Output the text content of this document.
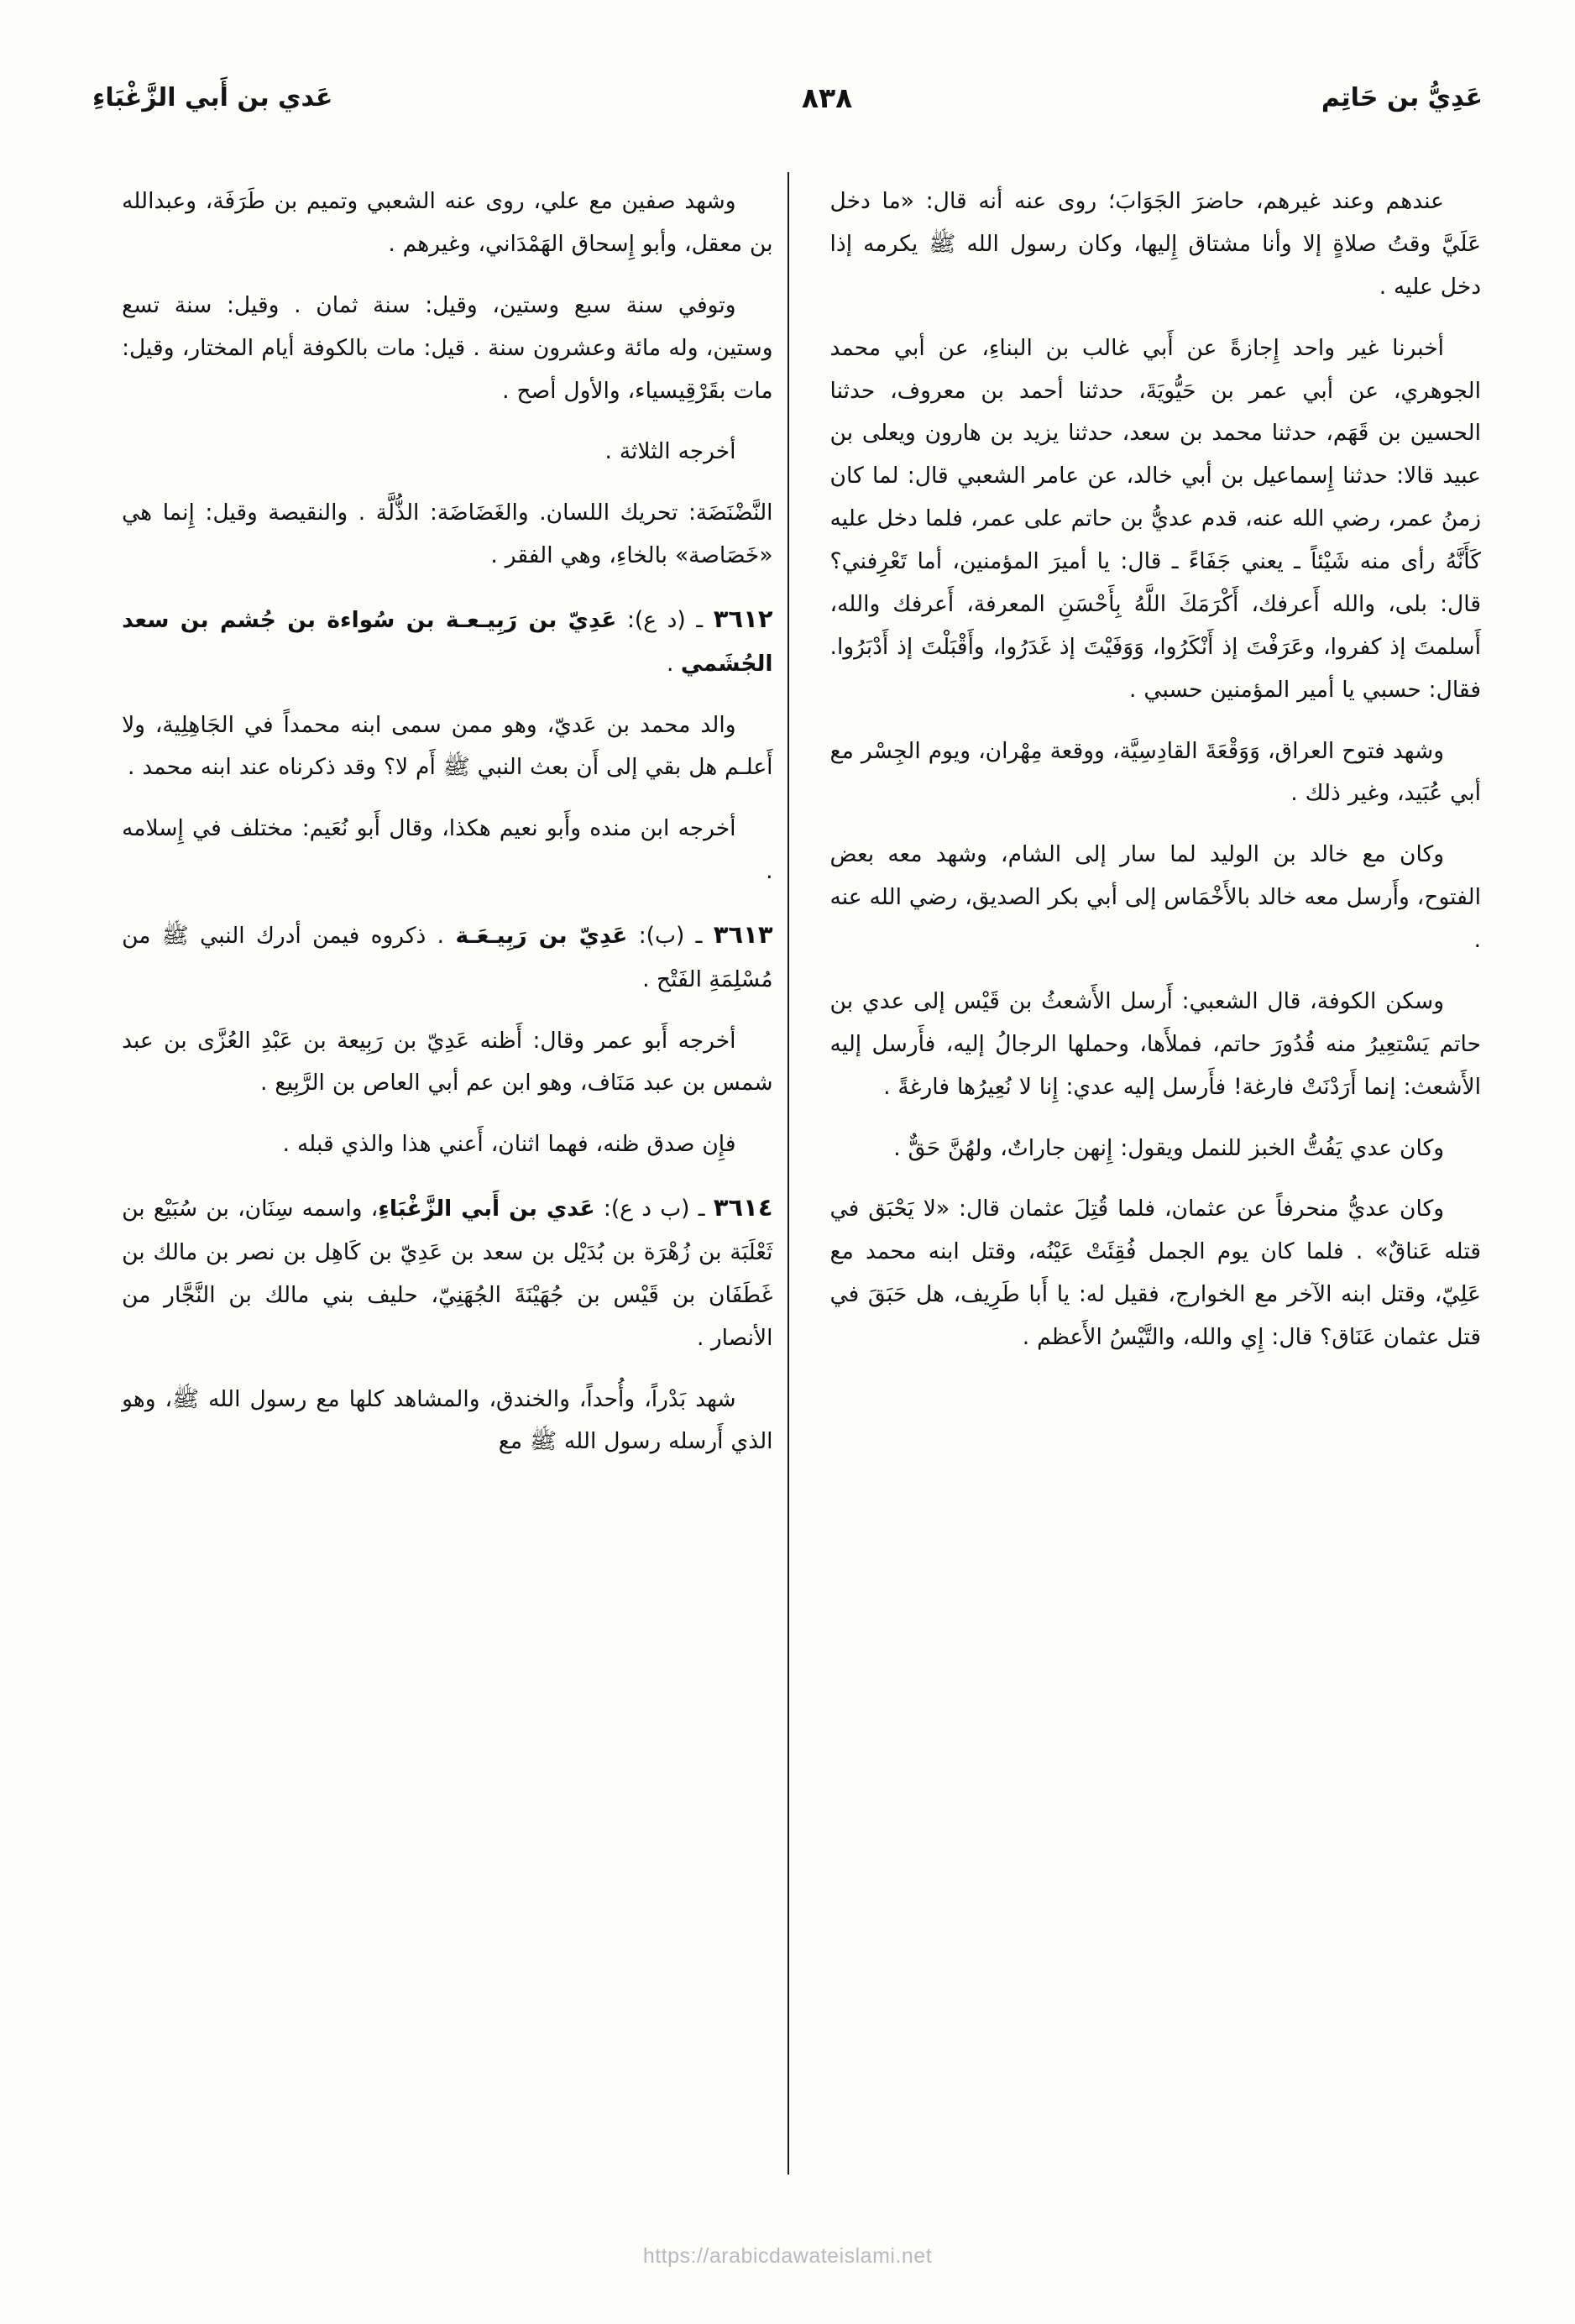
عَدِيُّ بن حَاتِم
٨٣٨
عَدي بن أَبي الزَّغْبَاءِ

عندهم وعند غيرهم، حاضرَ الجَوَابَ؛ روى عنه أنه قال: «ما دخل عَلَيَّ وقتُ صلاةٍ إلا وأنا مشتاق إِليها، وكان رسول الله ﷺ يكرمه إذا دخل عليه .

أخبرنا غير واحد إِجازةً عن أَبي غالب بن البناءِ، عن أبي محمد الجوهري، عن أبي عمر بن حَيُّويَةَ، حدثنا أحمد بن معروف، حدثنا الحسين بن قَهَم، حدثنا محمد بن سعد، حدثنا يزيد بن هارون ويعلى بن عبيد قالا: حدثنا إِسماعيل بن أبي خالد، عن عامر الشعبي قال: لما كان زمنُ عمر، رضي الله عنه، قدم عديُّ بن حاتم على عمر، فلما دخل عليه كَأَنَّهُ رأى منه شَيْئاً ـ يعني جَفَاءً ـ قال: يا أميرَ المؤمنين، أما تَعْرِفني؟ قال: بلى، والله أَعرفك، أَكْرَمَكَ اللَّهُ بِأَحْسَنِ المعرفة، أَعرفك والله، أَسلمتَ إذ كفروا، وعَرَفْتَ إذ أَنْكَرُوا، وَوَفَيْتَ إذ غَدَرُوا، وأَقْبَلْتَ إذ أَدْبَرُوا. فقال: حسبي يا أمير المؤمنين حسبي .

وشهد فتوح العراق، وَوَقْعَةَ القادِسِيَّة، ووقعة مِهْران، ويوم الجِسْر مع أبي عُبَيد، وغير ذلك .

وكان مع خالد بن الوليد لما سار إلى الشام، وشهد معه بعض الفتوح، وأَرسل معه خالد بالأَخْمَاس إلى أبي بكر الصديق، رضي الله عنه .

وسكن الكوفة، قال الشعبي: أَرسل الأَشعثُ بن قَيْس إلى عدي بن حاتم يَسْتعِيرُ منه قُدُورَ حاتم، فملأَها، وحملها الرجالُ إليه، فأَرسل إليه الأَشعث: إنما أَرَدْنَتْ فارغة! فأَرسل إليه عدي: إِنا لا نُعِيرُها فارغةً .

وكان عدي يَفُتُّ الخبز للنمل ويقول: إِنهن جاراتٌ، ولهُنَّ حَقٌّ .

وكان عديُّ منحرفاً عن عثمان، فلما قُتِلَ عثمان قال: «لا يَحْبَق في قتله عَناقٌ» . فلما كان يوم الجمل فُقِئَتْ عَيْنُه، وقتل ابنه محمد مع عَلِيّ، وقتل ابنه الآخر مع الخوارج، فقيل له: يا أَبا طَرِيف، هل حَبَقَ في قتل عثمان عَنَاق؟ قال: إِي والله، والتَّيْسُ الأَعظم .

وشهد صفين مع علي، روى عنه الشعبي وتميم بن طَرَفَة، وعبدالله بن معقل، وأبو إِسحاق الهَمْدَاني، وغيرهم .

وتوفي سنة سبع وستين، وقيل: سنة ثمان . وقيل: سنة تسع وستين، وله مائة وعشرون سنة . قيل: مات بالكوفة أيام المختار، وقيل: مات بقَرْقِيسياء، والأول أصح .

أخرجه الثلاثة .

النَّضْنَضَة: تحريك اللسان. والغَضَاضَة: الذُّلَّة . والنقيصة وقيل: إِنما هي «خَصَاصة» بالخاءِ، وهي الفقر .

٣٦١٢ ـ (د ع): عَدِيّ بن رَبِيـعـة بن سُواءة بن جُشم بن سعد الجُشَمي .

والد محمد بن عَديّ، وهو ممن سمى ابنه محمداً في الجَاهِلِية، ولا أَعلـم هل بقي إلى أَن بعث النبي ﷺ أَم لا؟ وقد ذكرناه عند ابنه محمد .

أخرجه ابن منده وأَبو نعيم هكذا، وقال أَبو نُعَيم: مختلف في إِسلامه .

٣٦١٣ ـ (ب): عَدِيّ بن رَبِيـعَـة . ذكروه فيمن أدرك النبي ﷺ من مُسْلِمَةِ الفَتْح .

أخرجه أَبو عمر وقال: أَظنه عَدِيّ بن رَبِيعة بن عَبْدِ العُزَّى بن عبد شمس بن عبد مَنَاف، وهو ابن عم أبي العاص بن الرَّبِيع .

فإِن صدق ظنه، فهما اثنان، أَعني هذا والذي قبله .

٣٦١٤ ـ (ب د ع): عَدي بن أَبي الزَّغْبَاءِ، واسمه سِنَان، بن سُبَيْع بن ثَعْلَبَة بن زُهْرَة بن بُدَيْل بن سعد بن عَدِيّ بن كَاهِل بن نصر بن مالك بن غَطَفَان بن قَيْس بن جُهَيْنَةَ الجُهَنِيّ، حليف بني مالك بن النَّجَّار من الأنصار .

شهد بَدْراً، وأُحداً، والخندق، والمشاهد كلها مع رسول الله ﷺ، وهو الذي أَرسله رسول الله ﷺ مع

https://arabicdawateislami.net
